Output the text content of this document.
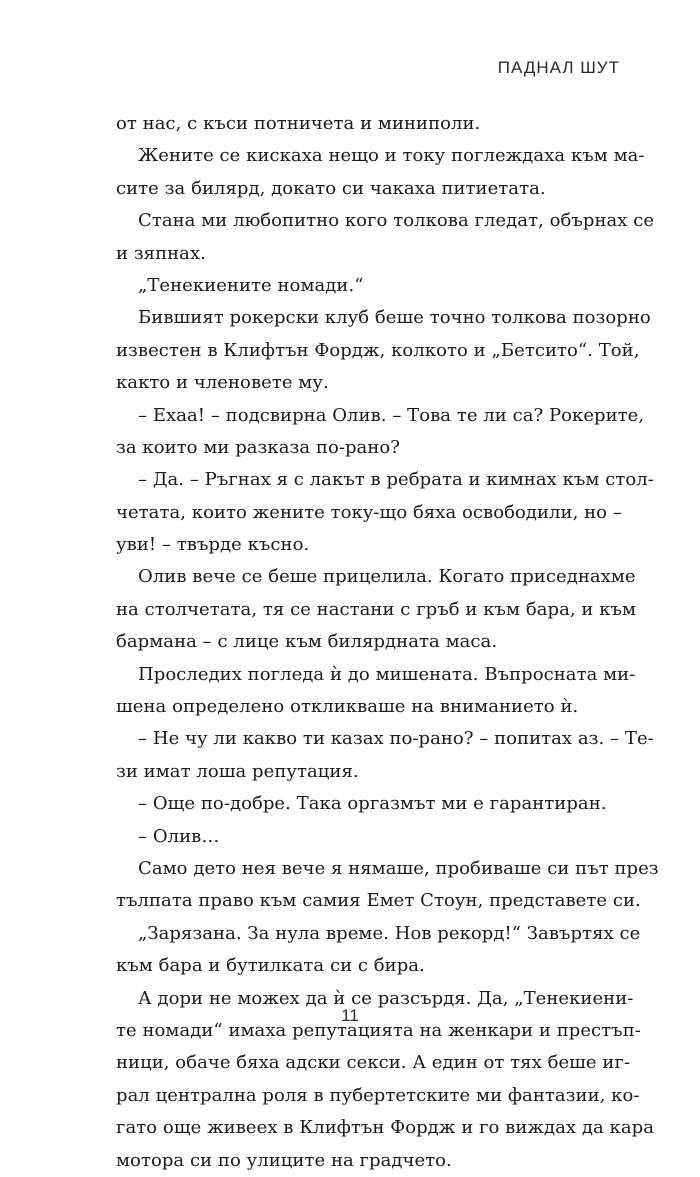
ПАДНАЛ ШУТ
от нас, с къси потничета и миниполи.
Жените се кискаха нещо и току поглеждаха към ма-
сите за билярд, докато си чакаха питиетата.
Стана ми любопитно кого толкова гледат, обърнах се
и зяпнах.
„Тенекиените номади.“
Бившият рокерски клуб беше точно толкова позорно
известен в Клифтън Фордж, колкото и „Бетсито“. Той,
както и членовете му.
– Ехаа! – подсвирна Олив. – Това те ли са? Рокерите,
за които ми разказа по-рано?
– Да. – Ръгнах я с лакът в ребрата и кимнах към стол-
четата, които жените току-що бяха освободили, но –
уви! – твърде късно.
Олив вече се беше прицелила. Когато приседнахме
на столчетата, тя се настани с гръб и към бара, и към
бармана – с лице към билярдната маса.
Проследих погледа ѝ до мишената. Въпросната ми-
шена определено откликваше на вниманието ѝ.
– Не чу ли какво ти казах по-рано? – попитах аз. – Те-
зи имат лоша репутация.
– Още по-добре. Така оргазмът ми е гарантиран.
– Олив…
Само дето нея вече я нямаше, пробиваше си път през
тълпата право към самия Емет Стоун, представете си.
„Зарязана. За нула време. Нов рекорд!“ Завъртях се
към бара и бутилката си с бира.
А дори не можех да ѝ се разсърдя. Да, „Тенекиени-
те номади“ имаха репутацията на женкари и престъп-
ници, обаче бяха адски секси. А един от тях беше иг-
рал централна роля в пубертетските ми фантазии, ко-
гато още живеех в Клифтън Фордж и го виждах да кара
мотора си по улиците на градчето.
11
